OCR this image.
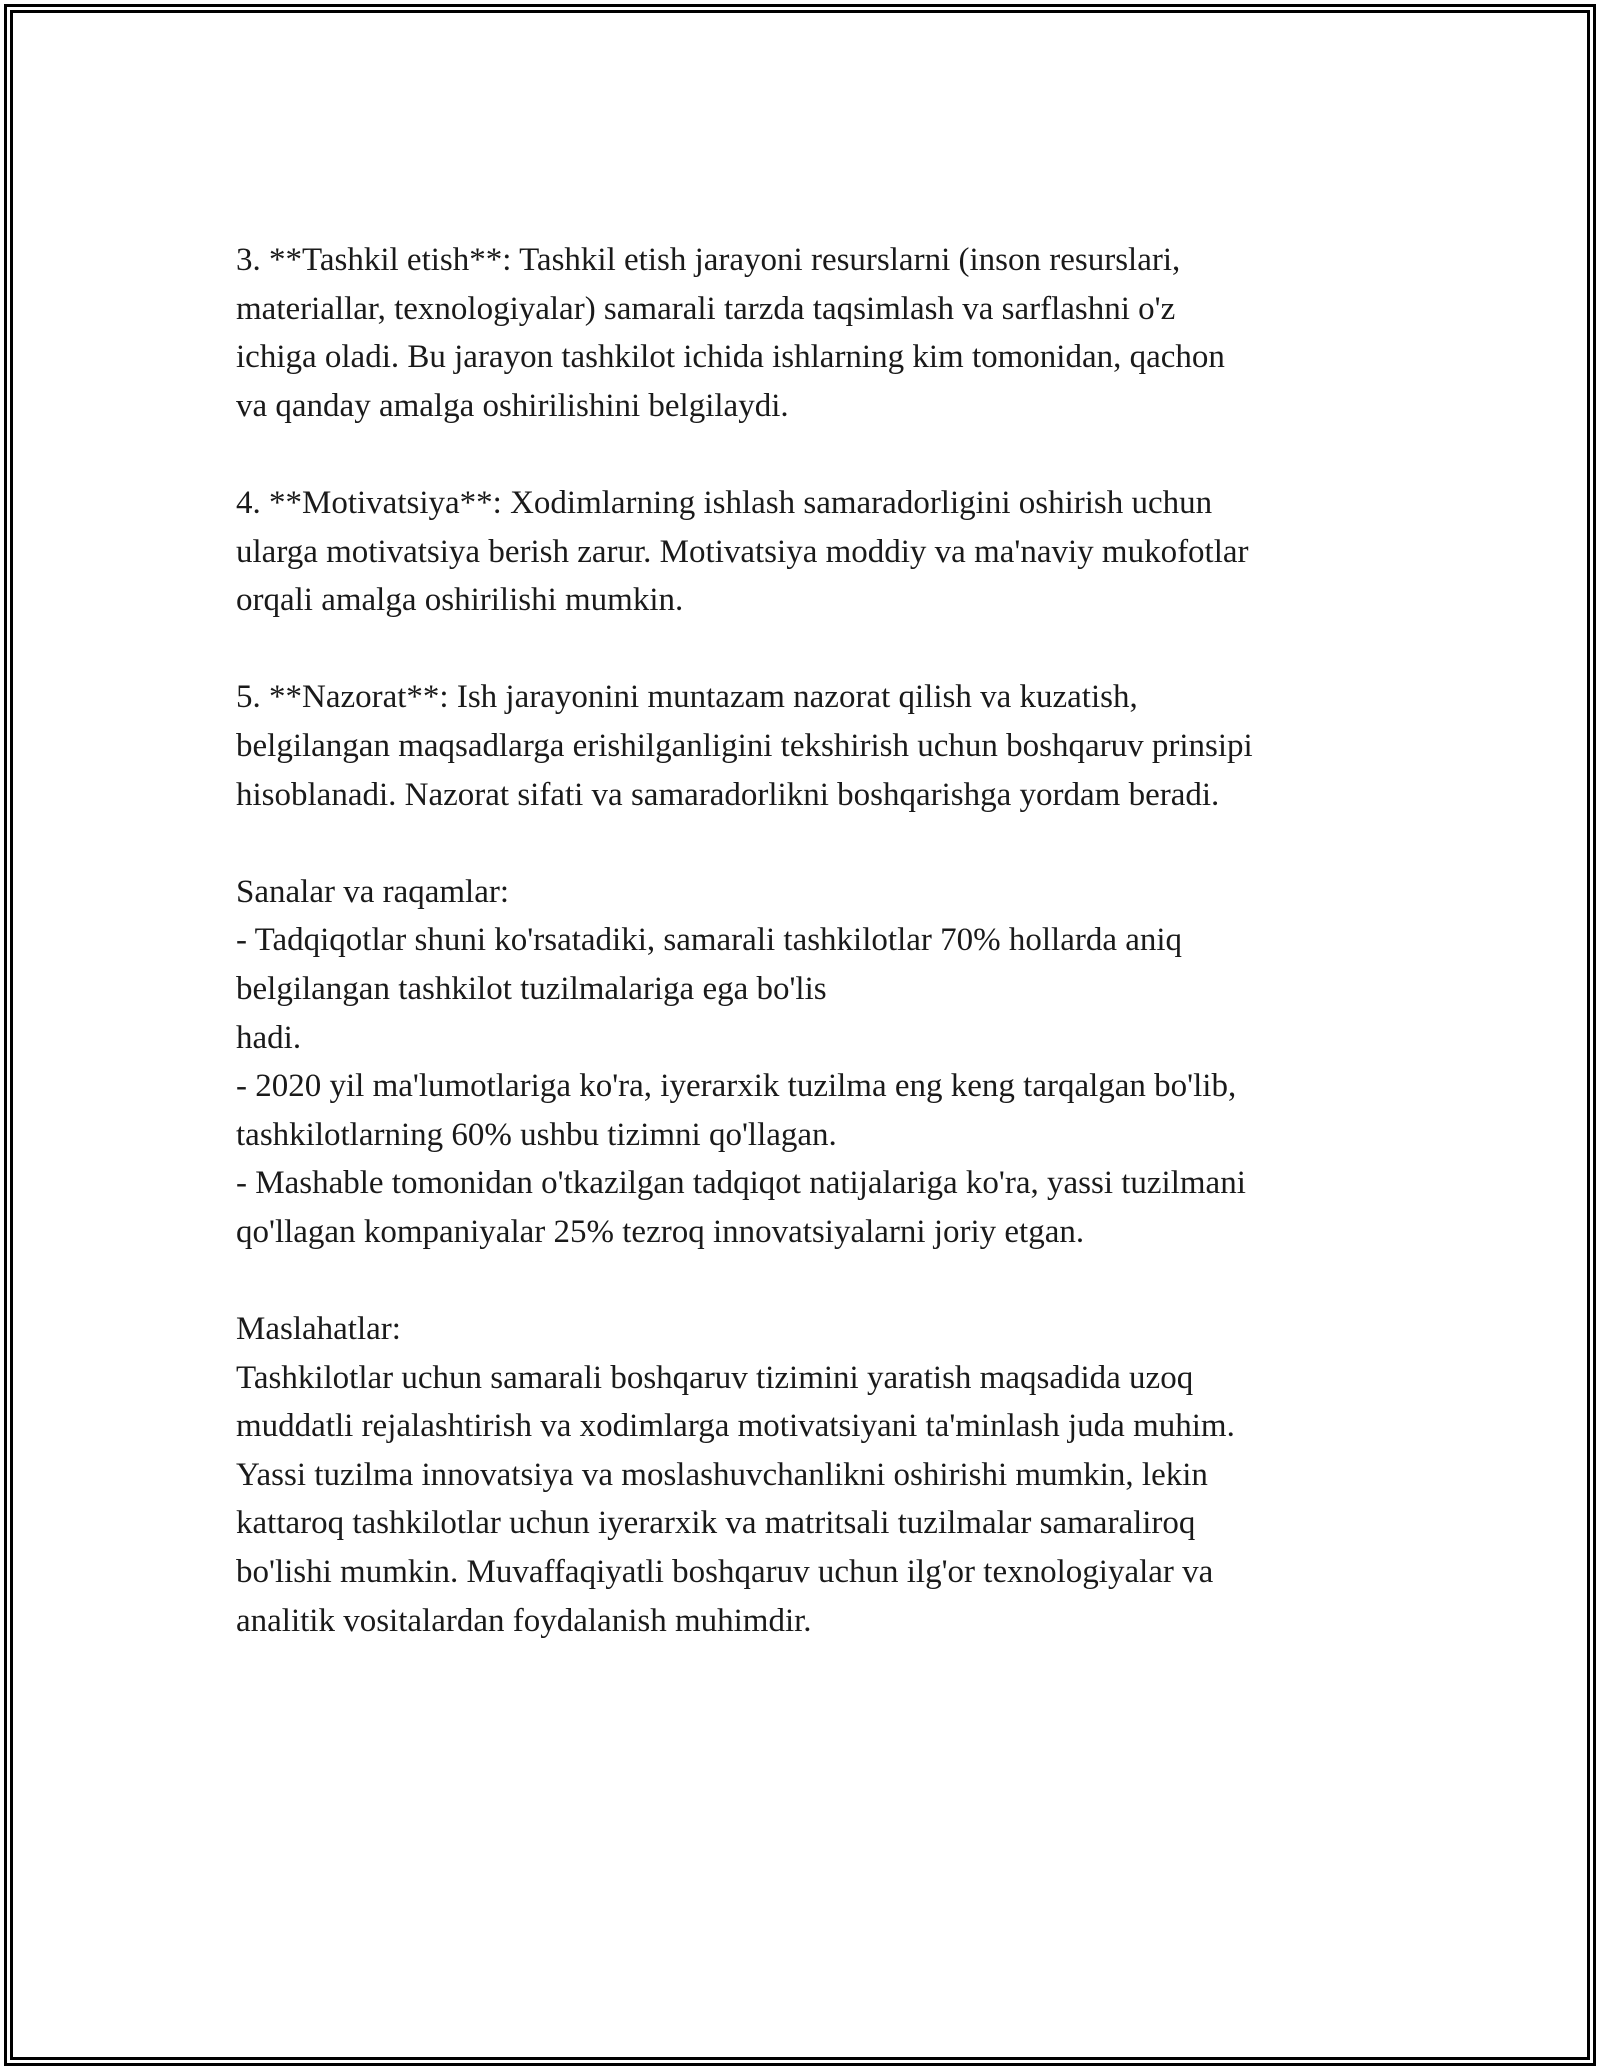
3. **Tashkil etish**: Tashkil etish jarayoni resurslarni (inson resurslari,
materiallar, texnologiyalar) samarali tarzda taqsimlash va sarflashni o'z
ichiga oladi. Bu jarayon tashkilot ichida ishlarning kim tomonidan, qachon
va qanday amalga oshirilishini belgilaydi.
4. **Motivatsiya**: Xodimlarning ishlash samaradorligini oshirish uchun
ularga motivatsiya berish zarur. Motivatsiya moddiy va ma'naviy mukofotlar
orqali amalga oshirilishi mumkin.
5. **Nazorat**: Ish jarayonini muntazam nazorat qilish va kuzatish,
belgilangan maqsadlarga erishilganligini tekshirish uchun boshqaruv prinsipi
hisoblanadi. Nazorat sifati va samaradorlikni boshqarishga yordam beradi.
Sanalar va raqamlar:
- Tadqiqotlar shuni ko'rsatadiki, samarali tashkilotlar 70% hollarda aniq
belgilangan tashkilot tuzilmalariga ega bo'lis
hadi.
- 2020 yil ma'lumotlariga ko'ra, iyerarxik tuzilma eng keng tarqalgan bo'lib,
tashkilotlarning 60% ushbu tizimni qo'llagan.
- Mashable tomonidan o'tkazilgan tadqiqot natijalariga ko'ra, yassi tuzilmani
qo'llagan kompaniyalar 25% tezroq innovatsiyalarni joriy etgan.
Maslahatlar:
Tashkilotlar uchun samarali boshqaruv tizimini yaratish maqsadida uzoq
muddatli rejalashtirish va xodimlarga motivatsiyani ta'minlash juda muhim.
Yassi tuzilma innovatsiya va moslashuvchanlikni oshirishi mumkin, lekin
kattaroq tashkilotlar uchun iyerarxik va matritsali tuzilmalar samaraliroq
bo'lishi mumkin. Muvaffaqiyatli boshqaruv uchun ilg'or texnologiyalar va
analitik vositalardan foydalanish muhimdir.
